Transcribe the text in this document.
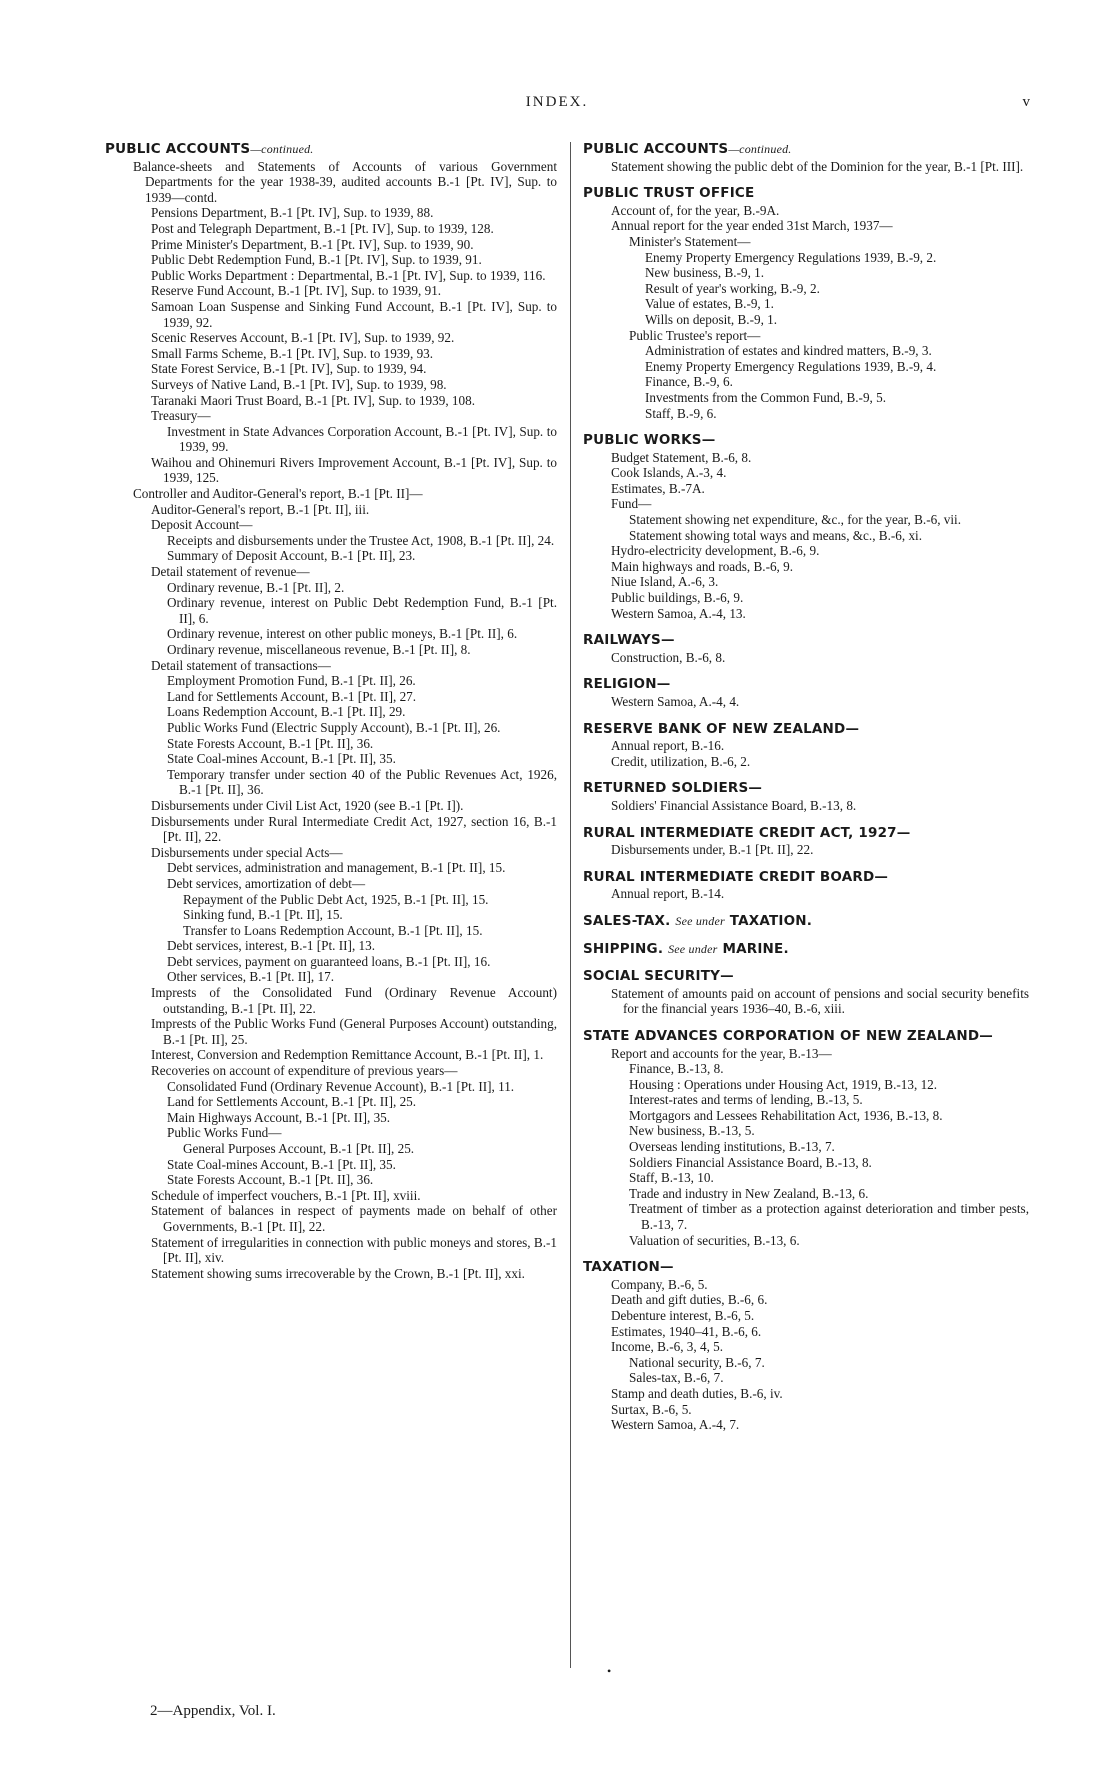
INDEX.	v
PUBLIC ACCOUNTS—continued.
Balance-sheets and Statements of Accounts of various Government Departments for the year 1938-39, audited accounts B.-1 [Pt. IV], Sup. to 1939—contd.
Pensions Department, B.-1 [Pt. IV], Sup. to 1939, 88.
Post and Telegraph Department, B.-1 [Pt. IV], Sup. to 1939, 128.
Prime Minister's Department, B.-1 [Pt. IV], Sup. to 1939, 90.
Public Debt Redemption Fund, B.-1 [Pt. IV], Sup. to 1939, 91.
Public Works Department : Departmental, B.-1 [Pt. IV], Sup. to 1939, 116.
Reserve Fund Account, B.-1 [Pt. IV], Sup. to 1939, 91.
Samoan Loan Suspense and Sinking Fund Account, B.-1 [Pt. IV], Sup. to 1939, 92.
Scenic Reserves Account, B.-1 [Pt. IV], Sup. to 1939, 92.
Small Farms Scheme, B.-1 [Pt. IV], Sup. to 1939, 93.
State Forest Service, B.-1 [Pt. IV], Sup. to 1939, 94.
Surveys of Native Land, B.-1 [Pt. IV], Sup. to 1939, 98.
Taranaki Maori Trust Board, B.-1 [Pt. IV], Sup. to 1939, 108.
Treasury—
Investment in State Advances Corporation Account, B.-1 [Pt. IV], Sup. to 1939, 99.
Waihou and Ohinemuri Rivers Improvement Account, B.-1 [Pt. IV], Sup. to 1939, 125.
Controller and Auditor-General's report, B.-1 [Pt. II]—
Auditor-General's report, B.-1 [Pt. II], iii.
Deposit Account—
Receipts and disbursements under the Trustee Act, 1908, B.-1 [Pt. II], 24.
Summary of Deposit Account, B.-1 [Pt. II], 23.
Detail statement of revenue—
Ordinary revenue, B.-1 [Pt. II], 2.
Ordinary revenue, interest on Public Debt Redemption Fund, B.-1 [Pt. II], 6.
Ordinary revenue, interest on other public moneys, B.-1 [Pt. II], 6.
Ordinary revenue, miscellaneous revenue, B.-1 [Pt. II], 8.
Detail statement of transactions—
Employment Promotion Fund, B.-1 [Pt. II], 26.
Land for Settlements Account, B.-1 [Pt. II], 27.
Loans Redemption Account, B.-1 [Pt. II], 29.
Public Works Fund (Electric Supply Account), B.-1 [Pt. II], 26.
State Forests Account, B.-1 [Pt. II], 36.
State Coal-mines Account, B.-1 [Pt. II], 35.
Temporary transfer under section 40 of the Public Revenues Act, 1926, B.-1 [Pt. II], 36.
Disbursements under Civil List Act, 1920 (see B.-1 [Pt. I]).
Disbursements under Rural Intermediate Credit Act, 1927, section 16, B.-1 [Pt. II], 22.
Disbursements under special Acts—
Debt services, administration and management, B.-1 [Pt. II], 15.
Debt services, amortization of debt—
Repayment of the Public Debt Act, 1925, B.-1 [Pt. II], 15.
Sinking fund, B.-1 [Pt. II], 15.
Transfer to Loans Redemption Account, B.-1 [Pt. II], 15.
Debt services, interest, B.-1 [Pt. II], 13.
Debt services, payment on guaranteed loans, B.-1 [Pt. II], 16.
Other services, B.-1 [Pt. II], 17.
Imprests of the Consolidated Fund (Ordinary Revenue Account) outstanding, B.-1 [Pt. II], 22.
Imprests of the Public Works Fund (General Purposes Account) outstanding, B.-1 [Pt. II], 25.
Interest, Conversion and Redemption Remittance Account, B.-1 [Pt. II], 1.
Recoveries on account of expenditure of previous years—
Consolidated Fund (Ordinary Revenue Account), B.-1 [Pt. II], 11.
Land for Settlements Account, B.-1 [Pt. II], 25.
Main Highways Account, B.-1 [Pt. II], 35.
Public Works Fund—
General Purposes Account, B.-1 [Pt. II], 25.
State Coal-mines Account, B.-1 [Pt. II], 35.
State Forests Account, B.-1 [Pt. II], 36.
Schedule of imperfect vouchers, B.-1 [Pt. II], xviii.
Statement of balances in respect of payments made on behalf of other Governments, B.-1 [Pt. II], 22.
Statement of irregularities in connection with public moneys and stores, B.-1 [Pt. II], xiv.
Statement showing sums irrecoverable by the Crown, B.-1 [Pt. II], xxi.
PUBLIC ACCOUNTS—continued.
Statement showing the public debt of the Dominion for the year, B.-1 [Pt. III].
PUBLIC TRUST OFFICE
Account of, for the year, B.-9A.
Annual report for the year ended 31st March, 1937—
Minister's Statement—
Enemy Property Emergency Regulations 1939, B.-9, 2.
New business, B.-9, 1.
Result of year's working, B.-9, 2.
Value of estates, B.-9, 1.
Wills on deposit, B.-9, 1.
Public Trustee's report—
Administration of estates and kindred matters, B.-9, 3.
Enemy Property Emergency Regulations 1939, B.-9, 4.
Finance, B.-9, 6.
Investments from the Common Fund, B.-9, 5.
Staff, B.-9, 6.
PUBLIC WORKS—
Budget Statement, B.-6, 8.
Cook Islands, A.-3, 4.
Estimates, B.-7A.
Fund—
Statement showing net expenditure, &c., for the year, B.-6, vii.
Statement showing total ways and means, &c., B.-6, xi.
Hydro-electricity development, B.-6, 9.
Main highways and roads, B.-6, 9.
Niue Island, A.-6, 3.
Public buildings, B.-6, 9.
Western Samoa, A.-4, 13.
RAILWAYS—
Construction, B.-6, 8.
RELIGION—
Western Samoa, A.-4, 4.
RESERVE BANK OF NEW ZEALAND—
Annual report, B.-16.
Credit, utilization, B.-6, 2.
RETURNED SOLDIERS—
Soldiers' Financial Assistance Board, B.-13, 8.
RURAL INTERMEDIATE CREDIT ACT, 1927—
Disbursements under, B.-1 [Pt. II], 22.
RURAL INTERMEDIATE CREDIT BOARD—
Annual report, B.-14.
SALES-TAX. See under TAXATION.
SHIPPING. See under MARINE.
SOCIAL SECURITY—
Statement of amounts paid on account of pensions and social security benefits for the financial years 1936–40, B.-6, xiii.
STATE ADVANCES CORPORATION OF NEW ZEALAND—
Report and accounts for the year, B.-13—
Finance, B.-13, 8.
Housing : Operations under Housing Act, 1919, B.-13, 12.
Interest-rates and terms of lending, B.-13, 5.
Mortgagors and Lessees Rehabilitation Act, 1936, B.-13, 8.
New business, B.-13, 5.
Overseas lending institutions, B.-13, 7.
Soldiers Financial Assistance Board, B.-13, 8.
Staff, B.-13, 10.
Trade and industry in New Zealand, B.-13, 6.
Treatment of timber as a protection against deterioration and timber pests, B.-13, 7.
Valuation of securities, B.-13, 6.
TAXATION—
Company, B.-6, 5.
Death and gift duties, B.-6, 6.
Debenture interest, B.-6, 5.
Estimates, 1940–41, B.-6, 6.
Income, B.-6, 3, 4, 5.
National security, B.-6, 7.
Sales-tax, B.-6, 7.
Stamp and death duties, B.-6, iv.
Surtax, B.-6, 5.
Western Samoa, A.-4, 7.
•
2—Appendix, Vol. I.
